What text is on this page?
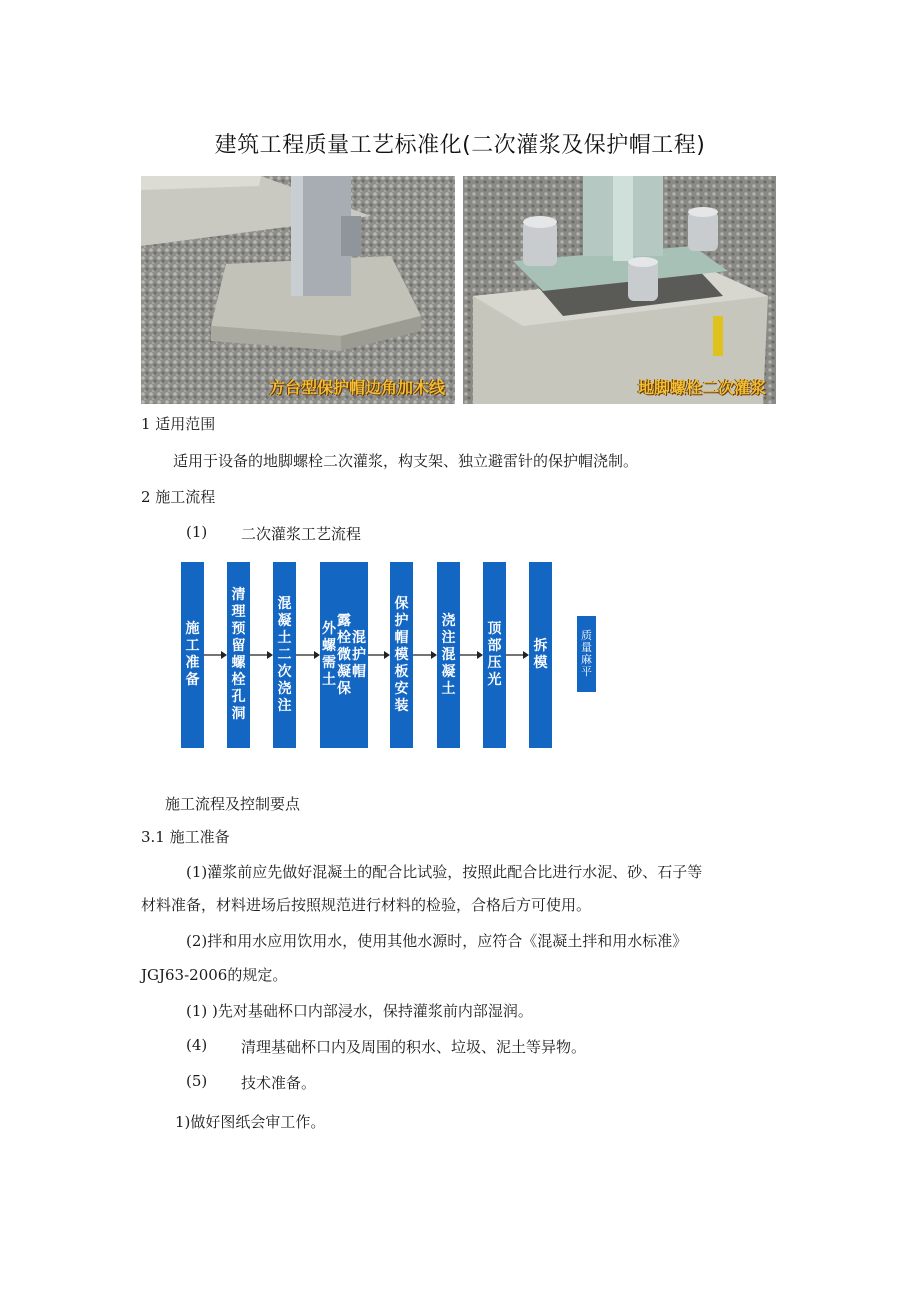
建筑工程质量工艺标准化(二次灌浆及保护帽工程)
方台型保护帽边角加木线	地脚螺栓二次灌浆
1 适用范围
适用于设备的地脚螺栓二次灌浆，构支架、独立避雷针的保护帽浇制。
2 施工流程
(1) 二次灌浆工艺流程
施工准备
清理预留螺栓孔洞
混凝土二次浇注
外螺需土
露栓微凝保
混护帽
保护帽模板安装
浇注混凝土
顶部压光
拆模
质量麻平
施工流程及控制要点
3.1 施工准备
(1)灌浆前应先做好混凝土的配合比试验，按照此配合比进行水泥、砂、石子等
材料准备，材料进场后按照规范进行材料的检验，合格后方可使用。
(2)拌和用水应用饮用水，使用其他水源时，应符合《混凝土拌和用水标准》
JGJ63-2006的规定。
(1) )先对基础杯口内部浸水，保持灌浆前内部湿润。
(4) 清理基础杯口内及周围的积水、垃圾、泥土等异物。
(5) 技术准备。
1)做好图纸会审工作。
